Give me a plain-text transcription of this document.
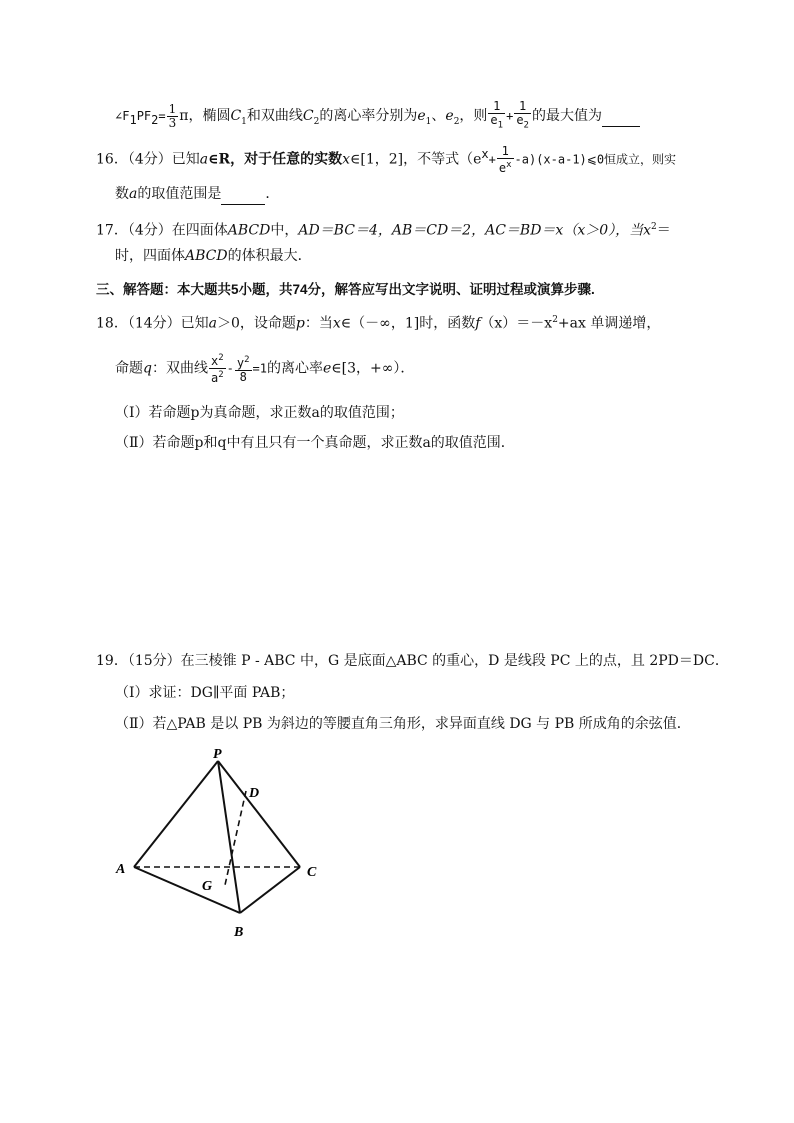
$\angle F_1PF_2= \frac{1}{3}$ π，椭圆$C_1$和双曲线$C_2$的离心率分别为$e_1$、$e_2$，则 $\frac{1}{e_1} + \frac{1}{e_2}$ 的最大值为
16．（4分）已知a∈R，对于任意的实数x∈[1，2]，不等式（$e^x+ \frac{1}{e^x}$ -a)(x-a-1)⩽0恒成立，则实
数a的取值范围是	．
17．（4分）在四面体ABCD中，AD＝BC＝4，AB＝CD＝2，AC＝BD＝x（x＞0），当$x^2=$
时，四面体ABCD的体积最大．
三、解答题：本大题共5小题，共74分，解答应写出文字说明、证明过程或演算步骤.
18．（14分）已知a＞0，设命题p：当x∈（－∞，1]时，函数$f(x)=-x^2+ax$ 单调递增，
命题q：双曲线 $\frac{x^2}{a^2} - \frac{y^2}{8} =1$的离心率e∈[3，+∞）．
（Ⅰ）若命题p为真命题，求正数a的取值范围；
（Ⅱ）若命题p和q中有且只有一个真命题，求正数a的取值范围．
19．（15分）在三棱锥 P - ABC 中，G 是底面△ABC 的重心，D 是线段 PC 上的点，且 2PD＝DC．
（Ⅰ）求证：DG∥平面 PAB；
（Ⅱ）若△PAB 是以 PB 为斜边的等腰直角三角形，求异面直线 DG 与 PB 所成角的余弦值．
P
D
A	C
G
B
